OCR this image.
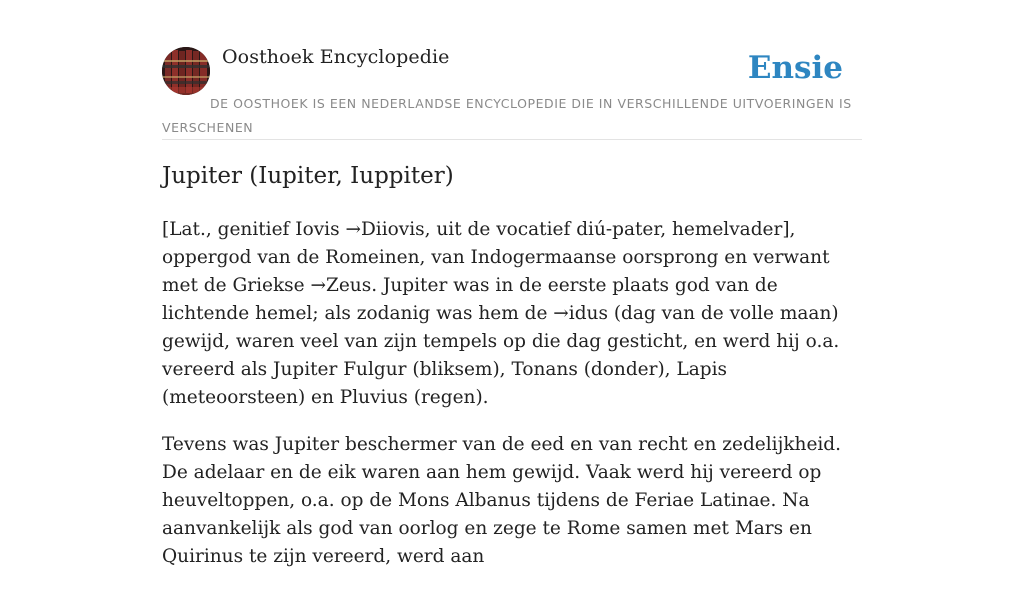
Oosthoek Encyclopedie	Ensie
DE OOSTHOEK IS EEN NEDERLANDSE ENCYCLOPEDIE DIE IN VERSCHILLENDE UITVOERINGEN IS VERSCHENEN
Jupiter (Iupiter, Iuppiter)

[Lat., genitief Iovis →Diiovis, uit de vocatief diú-pater, hemelvader], oppergod van de Romeinen, van Indogermaanse oorsprong en verwant met de Griekse →Zeus. Jupiter was in de eerste plaats god van de lichtende hemel; als zodanig was hem de →idus (dag van de volle maan) gewijd, waren veel van zijn tempels op die dag gesticht, en werd hij o.a. vereerd als Jupiter Fulgur (bliksem), Tonans (donder), Lapis (meteoorsteen) en Pluvius (regen).

Tevens was Jupiter beschermer van de eed en van recht en zedelijkheid. De adelaar en de eik waren aan hem gewijd. Vaak werd hij vereerd op heuveltoppen, o.a. op de Mons Albanus tijdens de Feriae Latinae. Na aanvankelijk als god van oorlog en zege te Rome samen met Mars en Quirinus te zijn vereerd, werd aan
